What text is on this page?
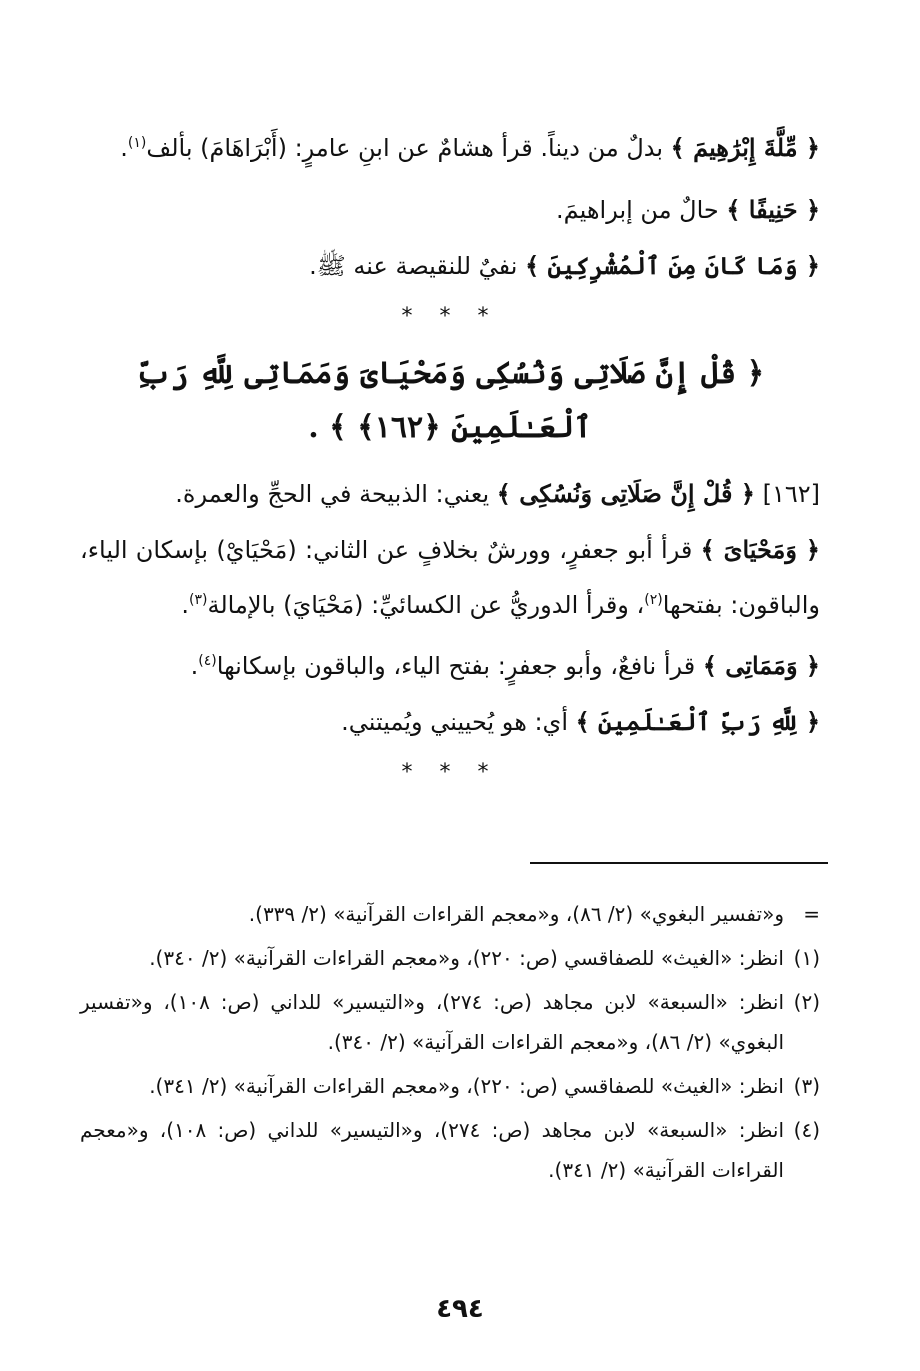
﴿ مِّلَّةَ إِبْرَٰهِيمَ ﴾ بدلٌ من ديناً. قرأ هشامٌ عن ابنِ عامرٍ: (أَبْرَاهَامَ) بألف$^{(١)}$.

﴿ حَنِيفًا ﴾ حالٌ من إبراهيمَ.

﴿ وَمَا كَانَ مِنَ ٱلْمُشْرِكِينَ ﴾ نفيٌ للنقيصة عنه ﷺ.

* * *
﴿ قُلْ إِنَّ صَلَاتِى وَنُسُكِى وَمَحْيَاىَ وَمَمَاتِى لِلَّهِ رَبِّ ٱلْعَـٰلَمِينَ ﴿١٦٢﴾ ﴾ .

[١٦٢] ﴿ قُلْ إِنَّ صَلَاتِى وَنُسُكِى ﴾ يعني: الذبيحة في الحجِّ والعمرة.

﴿ وَمَحْيَاىَ ﴾ قرأ أبو جعفرٍ، وورشٌ بخلافٍ عن الثاني: (مَحْيَايْ) بإسكان الياء، والباقون: بفتحها$^{(٢)}$، وقرأ الدوريُّ عن الكسائيِّ: (مَحْيَايَ) بالإمالة$^{(٣)}$.

﴿ وَمَمَاتِى ﴾ قرأ نافعٌ، وأبو جعفرٍ: بفتح الياء، والباقون بإسكانها$^{(٤)}$.

﴿ لِلَّهِ رَبِّ ٱلْعَـٰلَمِينَ ﴾ أي: هو يُحييني ويُميتني.

* * *
=
و«تفسير البغوي» (٢/ ٨٦)، و«معجم القراءات القرآنية» (٢/ ٣٣٩).
(١)
انظر: «الغيث» للصفاقسي (ص: ٢٢٠)، و«معجم القراءات القرآنية» (٢/ ٣٤٠).
(٢)
انظر: «السبعة» لابن مجاهد (ص: ٢٧٤)، و«التيسير» للداني (ص: ١٠٨)، و«تفسير البغوي» (٢/ ٨٦)، و«معجم القراءات القرآنية» (٢/ ٣٤٠).
(٣)
انظر: «الغيث» للصفاقسي (ص: ٢٢٠)، و«معجم القراءات القرآنية» (٢/ ٣٤١).
(٤)
انظر: «السبعة» لابن مجاهد (ص: ٢٧٤)، و«التيسير» للداني (ص: ١٠٨)، و«معجم القراءات القرآنية» (٢/ ٣٤١).
٤٩٤
